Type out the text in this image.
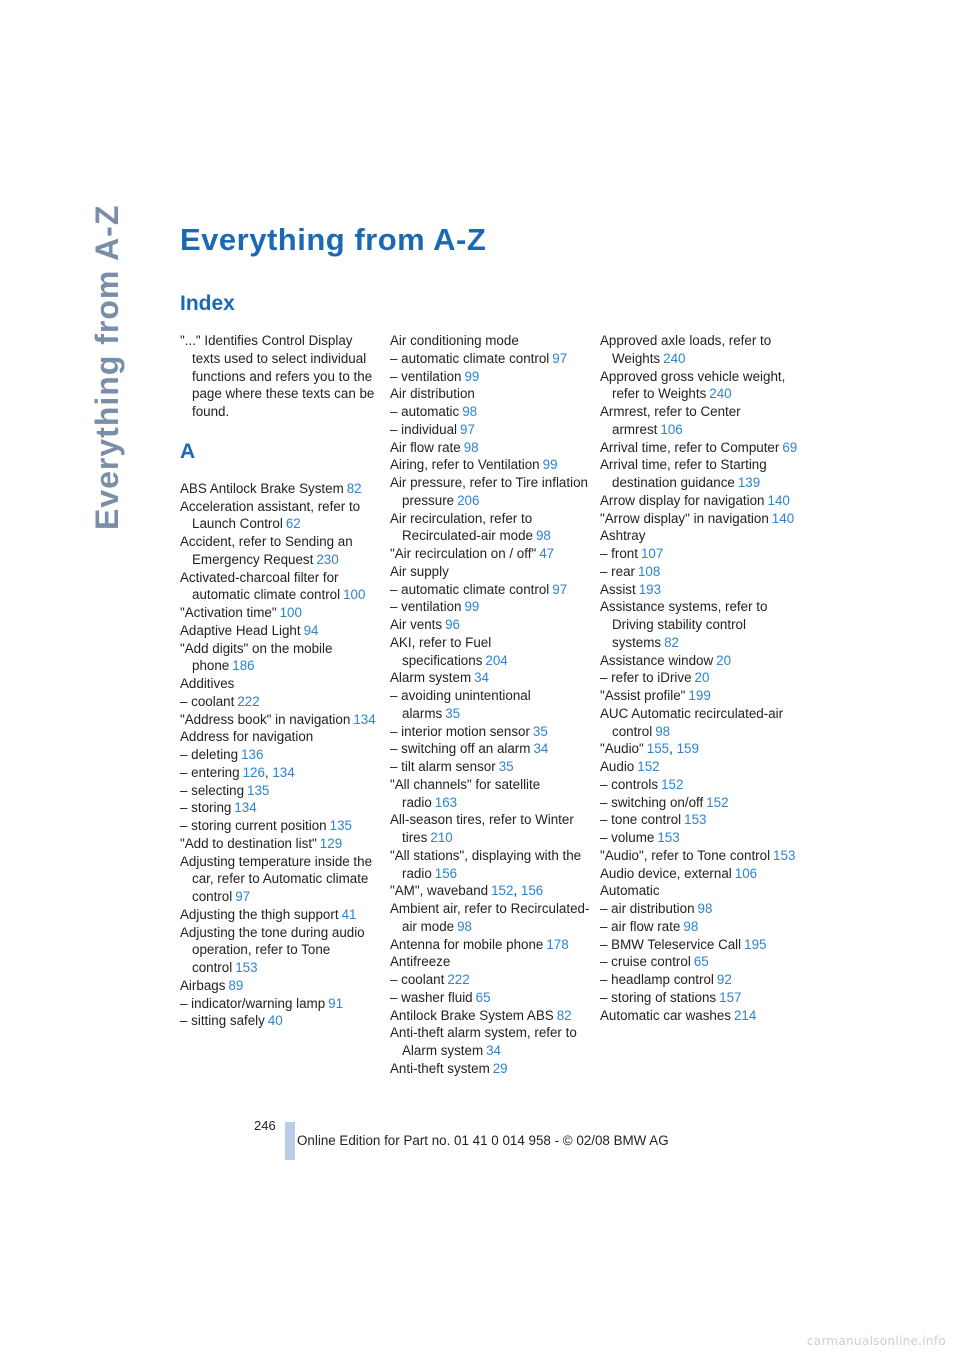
Everything from A-Z Everything from A-Z
Index
"..." Identifies Control Display texts used to select individual functions and refers you to the page where these texts can be found.
A
ABS Antilock Brake System 82
Acceleration assistant, refer to Launch Control 62
Accident, refer to Sending an Emergency Request 230
Activated-charcoal filter for automatic climate control 100
"Activation time" 100
Adaptive Head Light 94
"Add digits" on the mobile phone 186
Additives
– coolant 222
"Address book" in navigation 134
Address for navigation
– deleting 136
– entering 126, 134
– selecting 135
– storing 134
– storing current position 135
"Add to destination list" 129
Adjusting temperature inside the car, refer to Automatic climate control 97
Adjusting the thigh support 41
Adjusting the tone during audio operation, refer to Tone control 153
Airbags 89
– indicator/warning lamp 91
– sitting safely 40
Air conditioning mode
– automatic climate control 97
– ventilation 99
Air distribution
– automatic 98
– individual 97
Air flow rate 98
Airing, refer to Ventilation 99
Air pressure, refer to Tire inflation pressure 206
Air recirculation, refer to Recirculated-air mode 98
"Air recirculation on / off" 47
Air supply
– automatic climate control 97
– ventilation 99
Air vents 96
AKI, refer to Fuel specifications 204
Alarm system 34
– avoiding unintentional alarms 35
– interior motion sensor 35
– switching off an alarm 34
– tilt alarm sensor 35
"All channels" for satellite radio 163
All-season tires, refer to Winter tires 210
"All stations", displaying with the radio 156
"AM", waveband 152, 156
Ambient air, refer to Recirculated-air mode 98
Antenna for mobile phone 178
Antifreeze
– coolant 222
– washer fluid 65
Antilock Brake System ABS 82
Anti-theft alarm system, refer to Alarm system 34
Anti-theft system 29
Approved axle loads, refer to Weights 240
Approved gross vehicle weight, refer to Weights 240
Armrest, refer to Center armrest 106
Arrival time, refer to Computer 69
Arrival time, refer to Starting destination guidance 139
Arrow display for navigation 140
"Arrow display" in navigation 140
Ashtray
– front 107
– rear 108
Assist 193
Assistance systems, refer to Driving stability control systems 82
Assistance window 20
– refer to iDrive 20
"Assist profile" 199
AUC Automatic recirculated-air control 98
"Audio" 155, 159
Audio 152
– controls 152
– switching on/off 152
– tone control 153
– volume 153
"Audio", refer to Tone control 153
Audio device, external 106
Automatic
– air distribution 98
– air flow rate 98
– BMW Teleservice Call 195
– cruise control 65
– headlamp control 92
– storing of stations 157
Automatic car washes 214
246
Online Edition for Part no. 01 41 0 014 958 - © 02/08 BMW AG
carmanualsonline.info
